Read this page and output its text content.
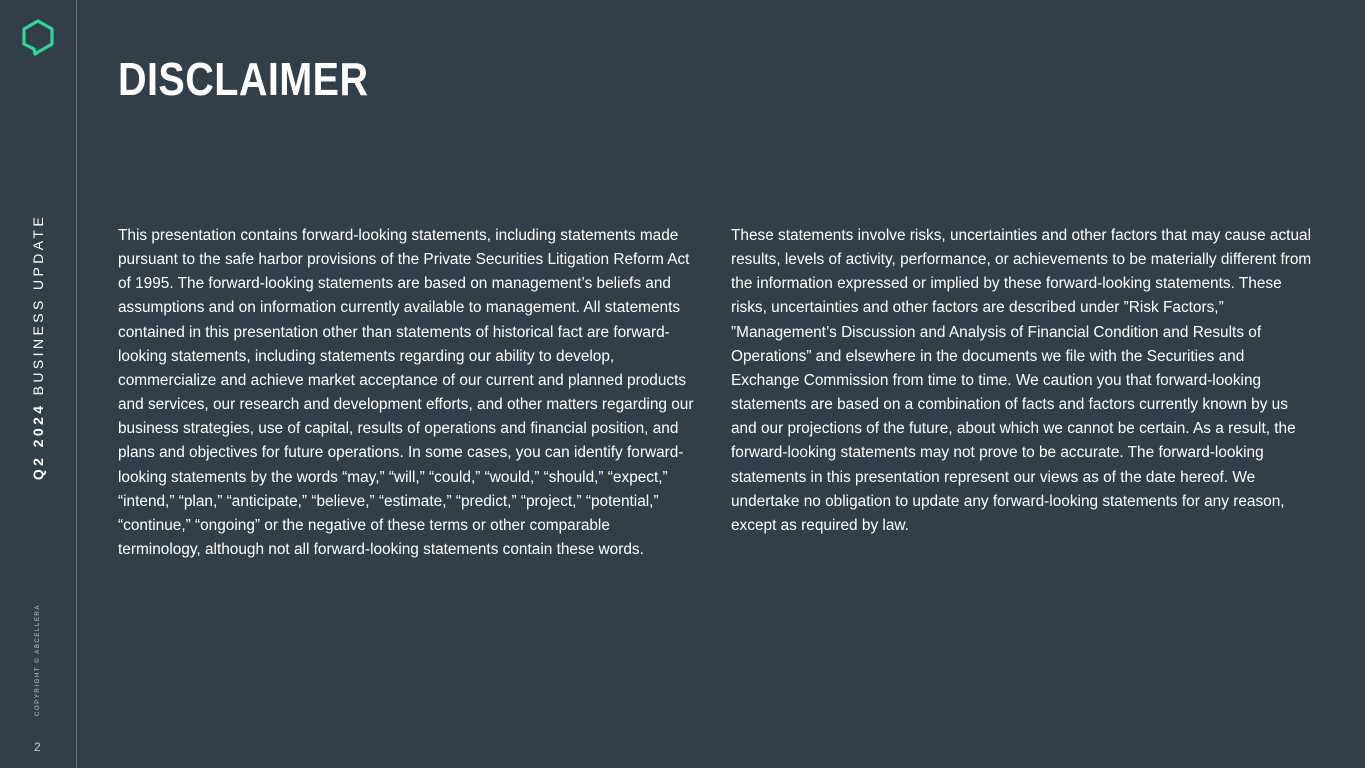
Q2 2024 BUSINESS UPDATE
COPYRIGHT © ABCELLERA
2
DISCLAIMER

This presentation contains forward-looking statements, including statements made pursuant to the safe harbor provisions of the Private Securities Litigation Reform Act of 1995. The forward-looking statements are based on management’s beliefs and assumptions and on information currently available to management. All statements contained in this presentation other than statements of historical fact are forward-looking statements, including statements regarding our ability to develop, commercialize and achieve market acceptance of our current and planned products and services, our research and development efforts, and other matters regarding our business strategies, use of capital, results of operations and financial position, and plans and objectives for future operations. In some cases, you can identify forward-looking statements by the words “may,” “will,” “could,” “would,” “should,” “expect,” “intend,” “plan,” “anticipate,” “believe,” “estimate,” “predict,” “project,” “potential,” “continue,” “ongoing” or the negative of these terms or other comparable terminology, although not all forward-looking statements contain these words.

These statements involve risks, uncertainties and other factors that may cause actual results, levels of activity, performance, or achievements to be materially different from the information expressed or implied by these forward-looking statements. These risks, uncertainties and other factors are described under ”Risk Factors,” ”Management’s Discussion and Analysis of Financial Condition and Results of Operations” and elsewhere in the documents we file with the Securities and Exchange Commission from time to time. We caution you that forward-looking statements are based on a combination of facts and factors currently known by us and our projections of the future, about which we cannot be certain. As a result, the forward-looking statements may not prove to be accurate. The forward-looking statements in this presentation represent our views as of the date hereof. We undertake no obligation to update any forward-looking statements for any reason, except as required by law.
